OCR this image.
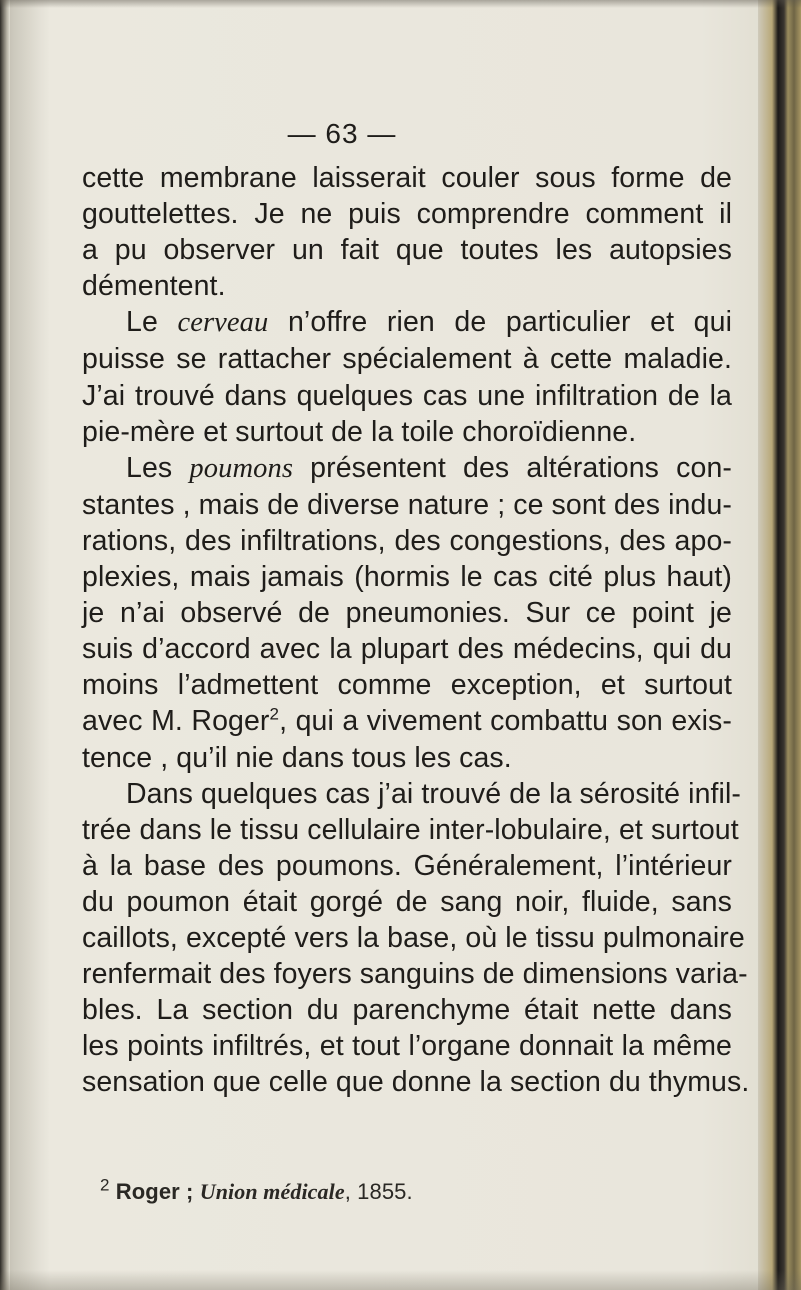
— 63 —
cette membrane laisserait couler sous forme de
gouttelettes. Je ne puis comprendre comment il
a pu observer un fait que toutes les autopsies
démentent.
Le cerveau n’offre rien de particulier et qui
puisse se rattacher spécialement à cette maladie.
J’ai trouvé dans quelques cas une infiltration de la
pie-mère et surtout de la toile choroïdienne.
Les poumons présentent des altérations con-
stantes , mais de diverse nature ; ce sont des indu-
rations, des infiltrations, des congestions, des apo-
plexies, mais jamais (hormis le cas cité plus haut)
je n’ai observé de pneumonies. Sur ce point je
suis d’accord avec la plupart des médecins, qui du
moins l’admettent comme exception, et surtout
avec M. Roger$^2$, qui a vivement combattu son exis-
tence , qu’il nie dans tous les cas.
Dans quelques cas j’ai trouvé de la sérosité infil-
trée dans le tissu cellulaire inter-lobulaire, et surtout
à la base des poumons. Généralement, l’intérieur
du poumon était gorgé de sang noir, fluide, sans
caillots, excepté vers la base, où le tissu pulmonaire
renfermait des foyers sanguins de dimensions varia-
bles. La section du parenchyme était nette dans
les points infiltrés, et tout l’organe donnait la même
sensation que celle que donne la section du thymus.
$^2$ Roger ; Union médicale, 1855.
